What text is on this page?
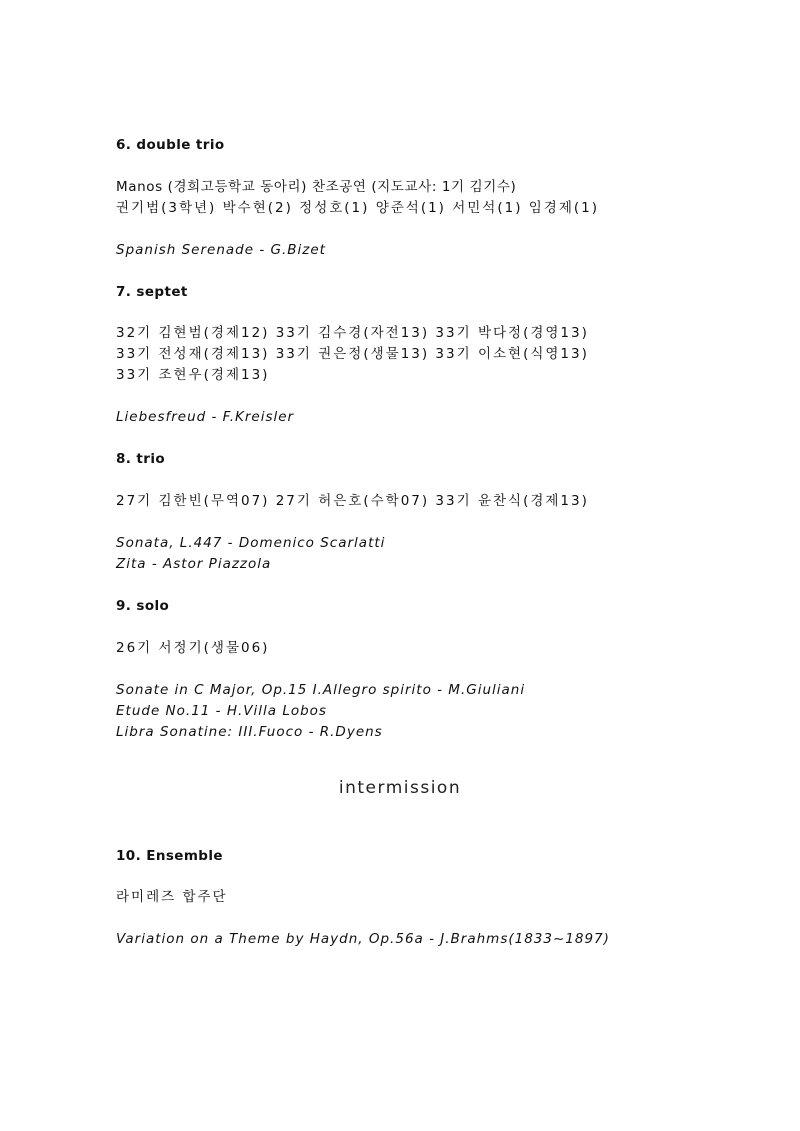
6. double trio
Manos (경희고등학교 동아리) 찬조공연 (지도교사: 1기 김기수)
권기범(3학년) 박수현(2) 정성호(1) 양준석(1) 서민석(1) 임경제(1)
Spanish Serenade - G.Bizet
7. septet
32기 김현범(경제12) 33기 김수경(자전13) 33기 박다정(경영13)
33기 전성재(경제13) 33기 권은정(생물13) 33기 이소현(식영13)
33기 조현우(경제13)
Liebesfreud - F.Kreisler
8. trio
27기 김한빈(무역07) 27기 허은호(수학07) 33기 윤찬식(경제13)
Sonata, L.447 - Domenico Scarlatti
Zita - Astor Piazzola
9. solo
26기 서정기(생물06)
Sonate in C Major, Op.15 I.Allegro spirito - M.Giuliani
Etude No.11 - H.Villa Lobos
Libra Sonatine: III.Fuoco - R.Dyens
intermission
10. Ensemble
라미레즈 합주단
Variation on a Theme by Haydn, Op.56a - J.Brahms(1833~1897)
